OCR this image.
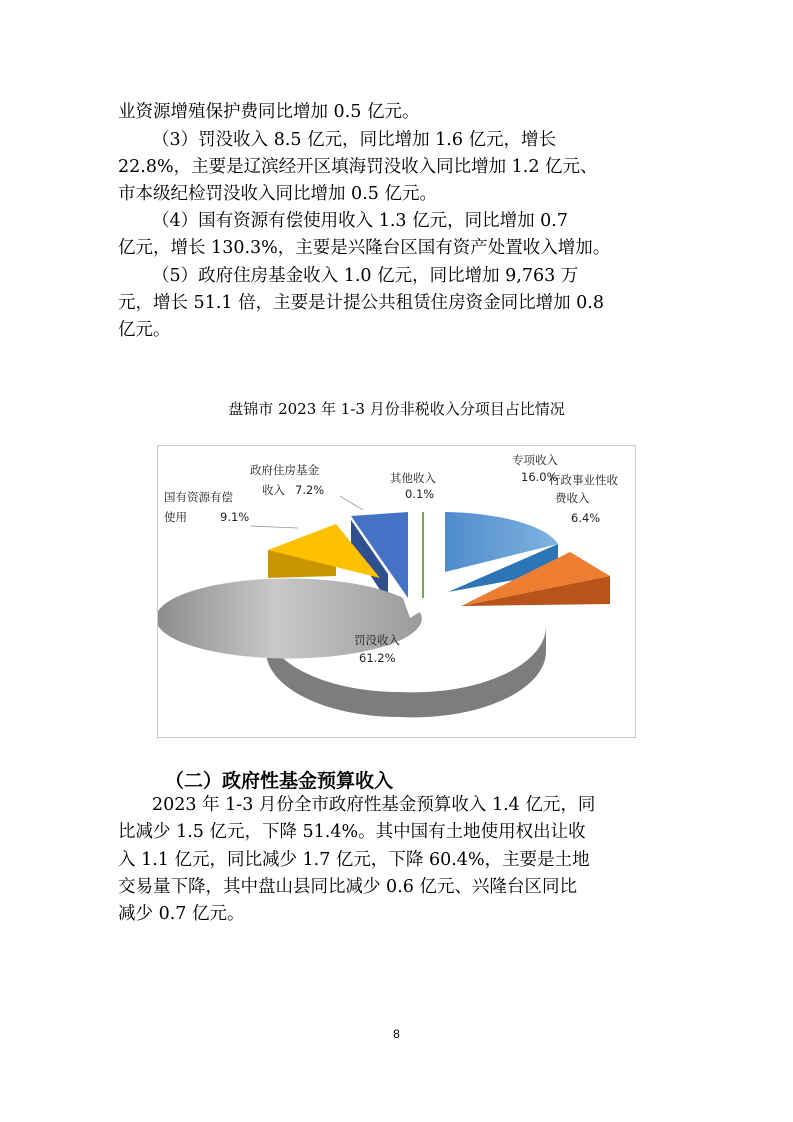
业资源增殖保护费同比增加 0.5 亿元。
（3）罚没收入 8.5 亿元，同比增加 1.6 亿元，增长
22.8%，主要是辽滨经开区填海罚没收入同比增加 1.2 亿元、
市本级纪检罚没收入同比增加 0.5 亿元。
（4）国有资源有偿使用收入 1.3 亿元，同比增加 0.7
亿元，增长 130.3%，主要是兴隆台区国有资产处置收入增加。
（5）政府住房基金收入 1.0 亿元，同比增加 9,763 万
元，增长 51.1 倍，主要是计提公共租赁住房资金同比增加 0.8
亿元。
盘锦市 2023 年 1-3 月份非税收入分项目占比情况
专项收入
16.0%
行政事业性收
费收入
6.4%
罚没收入
61.2%
国有资源有偿
使用	9.1%
政府住房基金
收入 7.2%
其他收入
0.1%
（二）政府性基金预算收入
2023 年 1-3 月份全市政府性基金预算收入 1.4 亿元，同
比减少 1.5 亿元，下降 51.4%。其中国有土地使用权出让收
入 1.1 亿元，同比减少 1.7 亿元，下降 60.4%，主要是土地
交易量下降，其中盘山县同比减少 0.6 亿元、兴隆台区同比
减少 0.7 亿元。
8
